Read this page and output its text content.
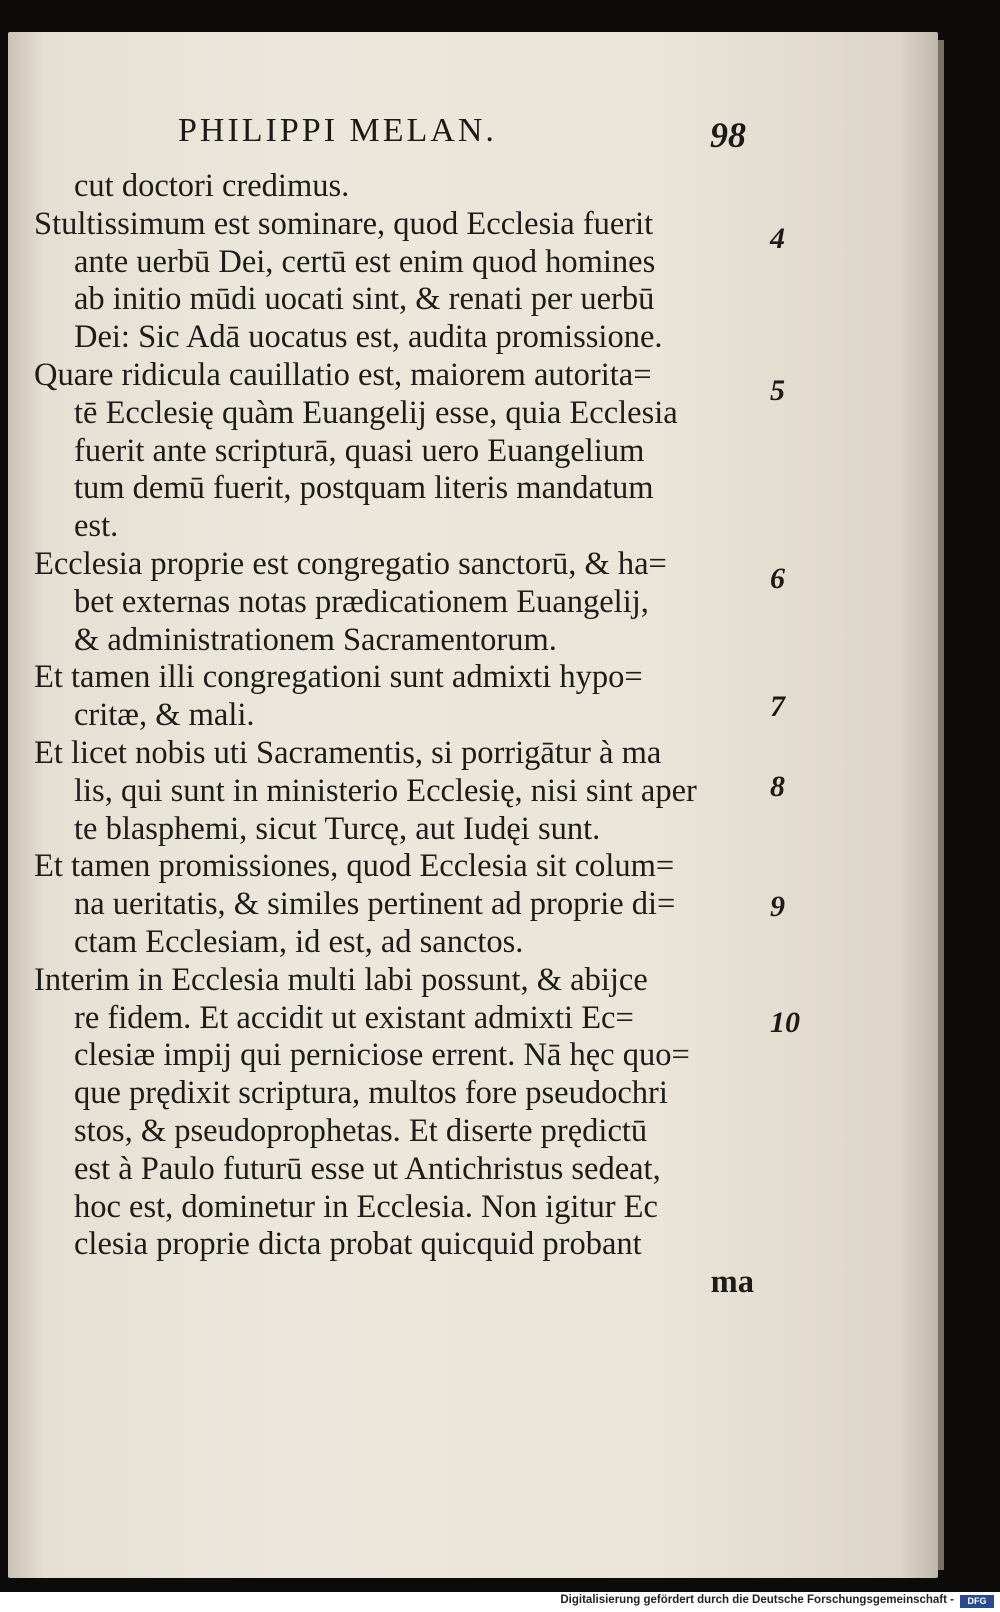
PHILIPPI MELAN.	98
cut doctori credimus.
Stultissimum est sominare, quod Ecclesia fuerit
ante uerbū Dei, certū est enim quod homines
ab initio mūdi uocati sint, & renati per uerbū
Dei: Sic Adā uocatus est, audita promissione.
Quare ridicula cauillatio est, maiorem autorita=
tē Ecclesię quàm Euangelij esse, quia Ecclesia
fuerit ante scripturā, quasi uero Euangelium
tum demū fuerit, postquam literis mandatum
est.
Ecclesia proprie est congregatio sanctorū, & ha=
bet externas notas prædicationem Euangelij,
& administrationem Sacramentorum.
Et tamen illi congregationi sunt admixti hypo=
critæ, & mali.
Et licet nobis uti Sacramentis, si porrigātur à ma
lis, qui sunt in ministerio Ecclesię, nisi sint aper
te blasphemi, sicut Turcę, aut Iudęi sunt.
Et tamen promissiones, quod Ecclesia sit colum=
na ueritatis, & similes pertinent ad proprie di=
ctam Ecclesiam, id est, ad sanctos.
Interim in Ecclesia multi labi possunt, & abijce
re fidem. Et accidit ut existant admixti Ec=
clesiæ impij qui perniciose errent. Nā hęc quo=
que prędixit scriptura, multos fore pseudochri
stos, & pseudoprophetas. Et diserte prędictū
est à Paulo futurū esse ut Antichristus sedeat,
hoc est, dominetur in Ecclesia. Non igitur Ec
clesia proprie dicta probat quicquid probant
ma
4
5
6
7
8
9
10
Digitalisierung gefördert durch die Deutsche Forschungsgemeinschaft -	DFG
